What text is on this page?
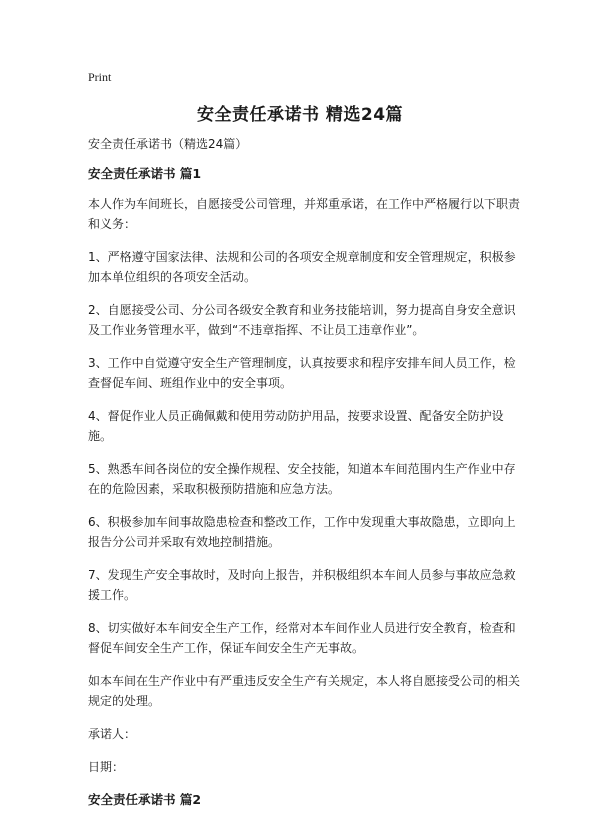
Print
安全责任承诺书 精选24篇

安全责任承诺书（精选24篇）

安全责任承诺书 篇1

本人作为车间班长，自愿接受公司管理，并郑重承诺，在工作中严格履行以下职责和义务：

1、严格遵守国家法律、法规和公司的各项安全规章制度和安全管理规定，积极参加本单位组织的各项安全活动。

2、自愿接受公司、分公司各级安全教育和业务技能培训，努力提高自身安全意识及工作业务管理水平，做到“不违章指挥、不让员工违章作业”。

3、工作中自觉遵守安全生产管理制度，认真按要求和程序安排车间人员工作，检查督促车间、班组作业中的安全事项。

4、督促作业人员正确佩戴和使用劳动防护用品，按要求设置、配备安全防护设施。

5、熟悉车间各岗位的安全操作规程、安全技能，知道本车间范围内生产作业中存在的危险因素，采取积极预防措施和应急方法。

6、积极参加车间事故隐患检查和整改工作，工作中发现重大事故隐患，立即向上报告分公司并采取有效地控制措施。

7、发现生产安全事故时，及时向上报告，并积极组织本车间人员参与事故应急救援工作。

8、切实做好本车间安全生产工作，经常对本车间作业人员进行安全教育，检查和督促车间安全生产工作，保证车间安全生产无事故。

如本车间在生产作业中有严重违反安全生产有关规定，本人将自愿接受公司的相关规定的处理。

承诺人：

日期：

安全责任承诺书 篇2
